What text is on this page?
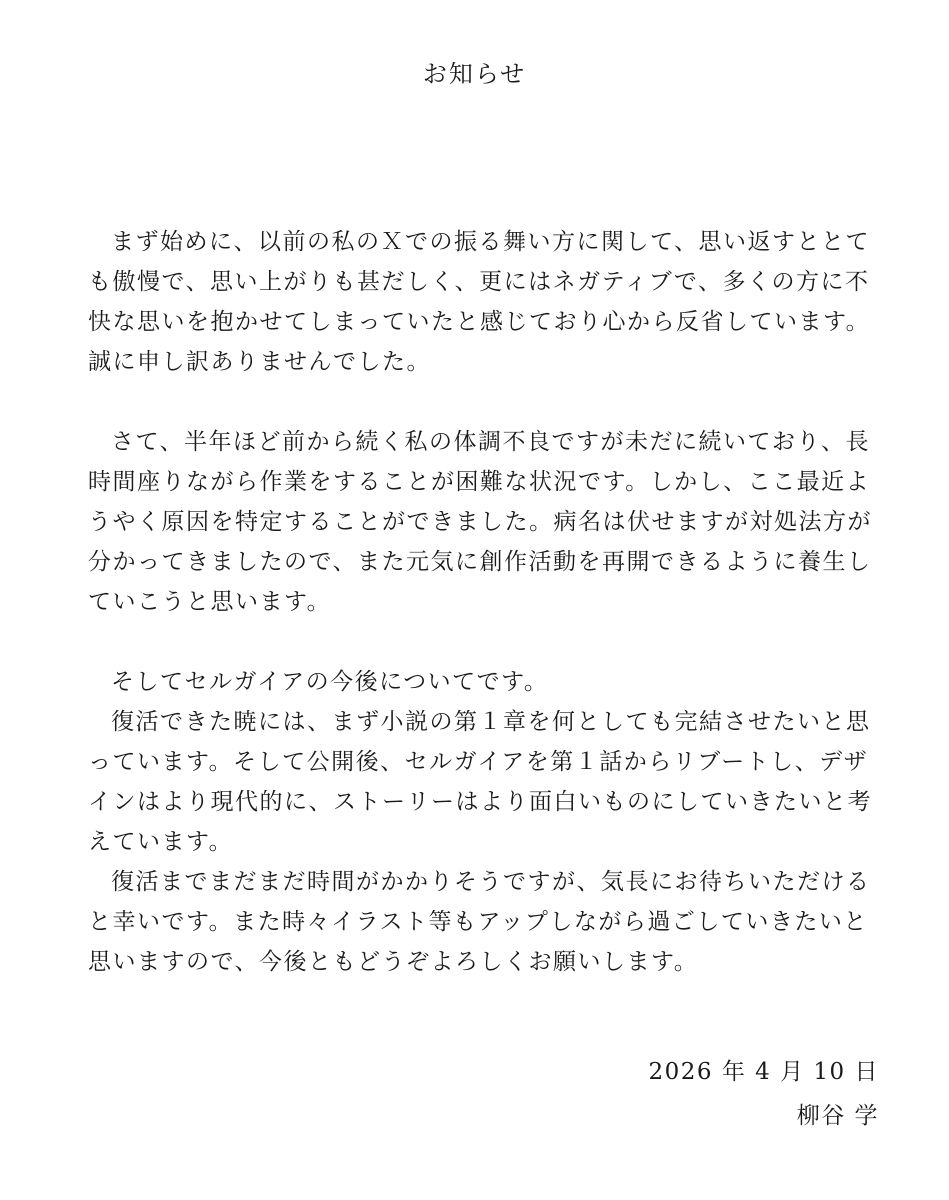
お知らせ

まず始めに、以前の私のＸでの振る舞い方に関して、思い返すととても傲慢で、思い上がりも甚だしく、更にはネガティブで、多くの方に不快な思いを抱かせてしまっていたと感じており心から反省しています。誠に申し訳ありませんでした。

さて、半年ほど前から続く私の体調不良ですが未だに続いており、長時間座りながら作業をすることが困難な状況です。しかし、ここ最近ようやく原因を特定することができました。病名は伏せますが対処法方が分かってきましたので、また元気に創作活動を再開できるように養生していこうと思います。

そしてセルガイアの今後についてです。

復活できた暁には、まず小説の第１章を何としても完結させたいと思っています。そして公開後、セルガイアを第１話からリブートし、デザインはより現代的に、ストーリーはより面白いものにしていきたいと考えています。

復活までまだまだ時間がかかりそうですが、気長にお待ちいただけると幸いです。また時々イラスト等もアップしながら過ごしていきたいと思いますので、今後ともどうぞよろしくお願いします。

2026 年 4 月 10 日
柳谷 学
